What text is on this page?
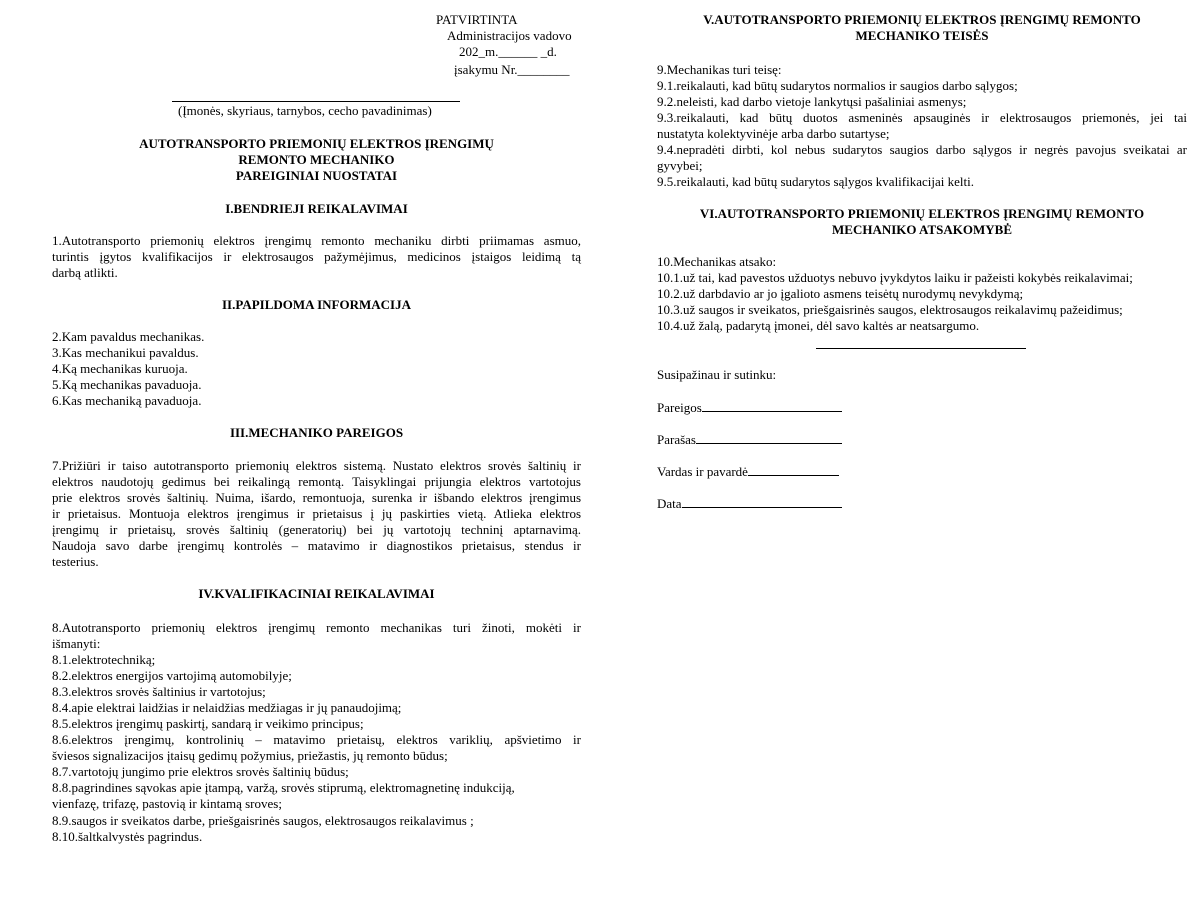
PATVIRTINTA
Administracijos vadovo
202_m.______ _d.
įsakymu Nr.________
(Įmonės, skyriaus, tarnybos, cecho pavadinimas)
AUTOTRANSPORTO PRIEMONIŲ ELEKTROS ĮRENGIMŲ
REMONTO MECHANIKO
PAREIGINIAI NUOSTATAI
I.BENDRIEJI REIKALAVIMAI
1.Autotransporto priemonių elektros įrengimų remonto mechaniku dirbti priimamas asmuo,
turintis įgytos kvalifikacijos ir elektrosaugos pažymėjimus, medicinos įstaigos leidimą tą
darbą atlikti.
II.PAPILDOMA INFORMACIJA
2.Kam pavaldus mechanikas.
3.Kas mechanikui pavaldus.
4.Ką mechanikas kuruoja.
5.Ką mechanikas pavaduoja.
6.Kas mechaniką pavaduoja.
III.MECHANIKO PAREIGOS
7.Prižiūri ir taiso autotransporto priemonių elektros sistemą. Nustato elektros srovės šaltinių ir
elektros naudotojų gedimus bei reikalingą remontą. Taisyklingai prijungia elektros vartotojus
prie elektros srovės šaltinių. Nuima, išardo, remontuoja, surenka ir išbando elektros įrengimus
ir prietaisus. Montuoja elektros įrengimus ir prietaisus į jų paskirties vietą. Atlieka elektros
įrengimų ir prietaisų, srovės šaltinių (generatorių) bei jų vartotojų techninį aptarnavimą.
Naudoja savo darbe įrengimų kontrolės – matavimo ir diagnostikos prietaisus, stendus ir
testerius.
IV.KVALIFIKACINIAI REIKALAVIMAI
8.Autotransporto priemonių elektros įrengimų remonto mechanikas turi žinoti, mokėti ir
išmanyti:
8.1.elektrotechniką;
8.2.elektros energijos vartojimą automobilyje;
8.3.elektros srovės šaltinius ir vartotojus;
8.4.apie elektrai laidžias ir nelaidžias medžiagas ir jų panaudojimą;
8.5.elektros įrengimų paskirtį, sandarą ir veikimo principus;
8.6.elektros įrengimų, kontrolinių – matavimo prietaisų, elektros variklių, apšvietimo ir
šviesos signalizacijos įtaisų gedimų požymius, priežastis, jų remonto būdus;
8.7.vartotojų jungimo prie elektros srovės šaltinių būdus;
8.8.pagrindines sąvokas apie įtampą, varžą, srovės stiprumą, elektromagnetinę indukciją,
vienfazę, trifazę, pastovią ir kintamą sroves;
8.9.saugos ir sveikatos darbe, priešgaisrinės saugos, elektrosaugos reikalavimus ;
8.10.šaltkalvystės pagrindus.
V.AUTOTRANSPORTO PRIEMONIŲ ELEKTROS ĮRENGIMŲ REMONTO
MECHANIKO TEISĖS
9.Mechanikas turi teisę:
9.1.reikalauti, kad būtų sudarytos normalios ir saugios darbo sąlygos;
9.2.neleisti, kad darbo vietoje lankytųsi pašaliniai asmenys;
9.3.reikalauti, kad būtų duotos asmeninės apsauginės ir elektrosaugos priemonės, jei tai
nustatyta kolektyvinėje arba darbo sutartyse;
9.4.nepradėti dirbti, kol nebus sudarytos saugios darbo sąlygos ir negrės pavojus sveikatai ar
gyvybei;
9.5.reikalauti, kad būtų sudarytos sąlygos kvalifikacijai kelti.
VI.AUTOTRANSPORTO PRIEMONIŲ ELEKTROS ĮRENGIMŲ REMONTO
MECHANIKO ATSAKOMYBĖ
10.Mechanikas atsako:
10.1.už tai, kad pavestos užduotys nebuvo įvykdytos laiku ir pažeisti kokybės reikalavimai;
10.2.už darbdavio ar jo įgalioto asmens teisėtų nurodymų nevykdymą;
10.3.už saugos ir sveikatos, priešgaisrinės saugos, elektrosaugos reikalavimų pažeidimus;
10.4.už žalą, padarytą įmonei, dėl savo kaltės ar neatsargumo.
Susipažinau ir sutinku:
Pareigos
Parašas
Vardas ir pavardė
Data
